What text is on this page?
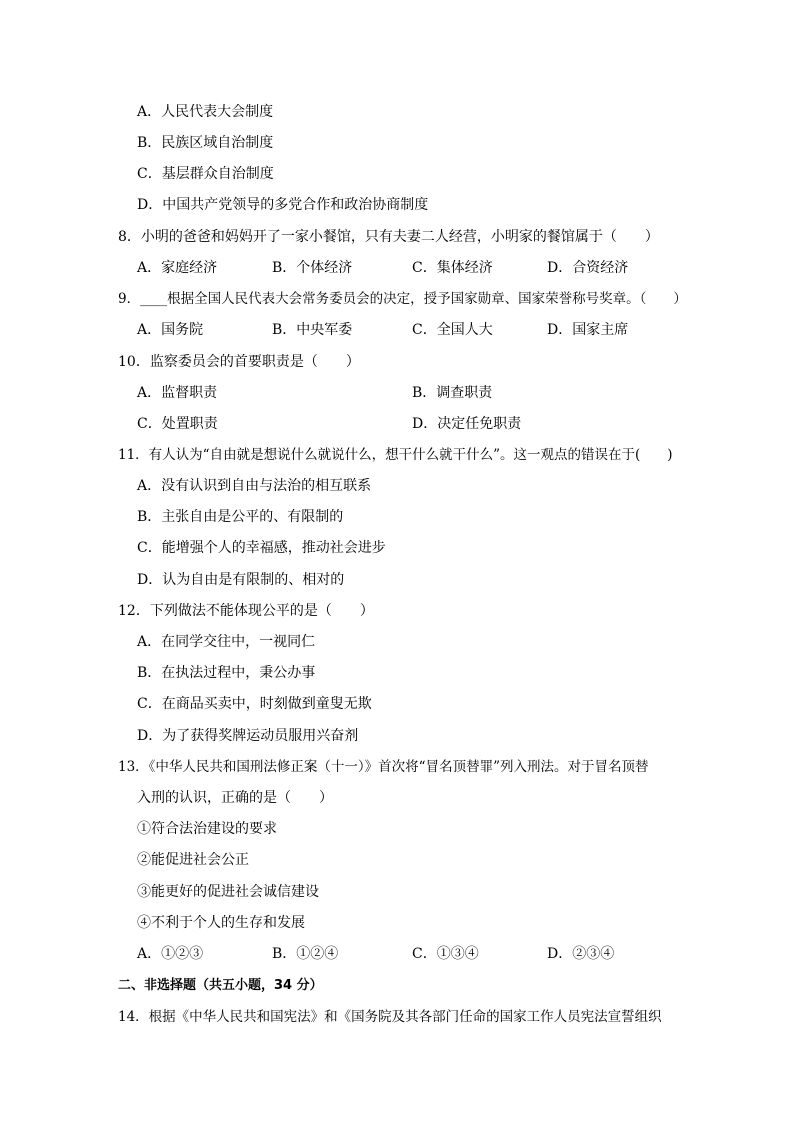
A．人民代表大会制度
B．民族区域自治制度
C．基层群众自治制度
D．中国共产党领导的多党合作和政治协商制度
8．小明的爸爸和妈妈开了一家小餐馆，只有夫妻二人经营，小明家的餐馆属于（　　）
A．家庭经济	B．个体经济	C．集体经济	D．合资经济
9．____根据全国人民代表大会常务委员会的决定，授予国家勋章、国家荣誉称号奖章。（　　）
A．国务院	B．中央军委	C．全国人大	D．国家主席
10．监察委员会的首要职责是（　　）
A．监督职责	B．调查职责
C．处置职责	D．决定任免职责
11．有人认为“自由就是想说什么就说什么，想干什么就干什么”。这一观点的错误在于(　　)
A．没有认识到自由与法治的相互联系
B．主张自由是公平的、有限制的
C．能增强个人的幸福感，推动社会进步
D．认为自由是有限制的、相对的
12．下列做法不能体现公平的是（　　）
A．在同学交往中，一视同仁
B．在执法过程中，秉公办事
C．在商品买卖中，时刻做到童叟无欺
D．为了获得奖牌运动员服用兴奋剂
13．《中华人民共和国刑法修正案（十一）》首次将“冒名顶替罪”列入刑法。对于冒名顶替
入刑的认识，正确的是（　　）
①符合法治建设的要求
②能促进社会公正
③能更好的促进社会诚信建设
④不利于个人的生存和发展
A．①②③	B．①②④	C．①③④	D．②③④
二、非选择题（共五小题，34 分）
14．根据《中华人民共和国宪法》和《国务院及其各部门任命的国家工作人员宪法宣誓组织
